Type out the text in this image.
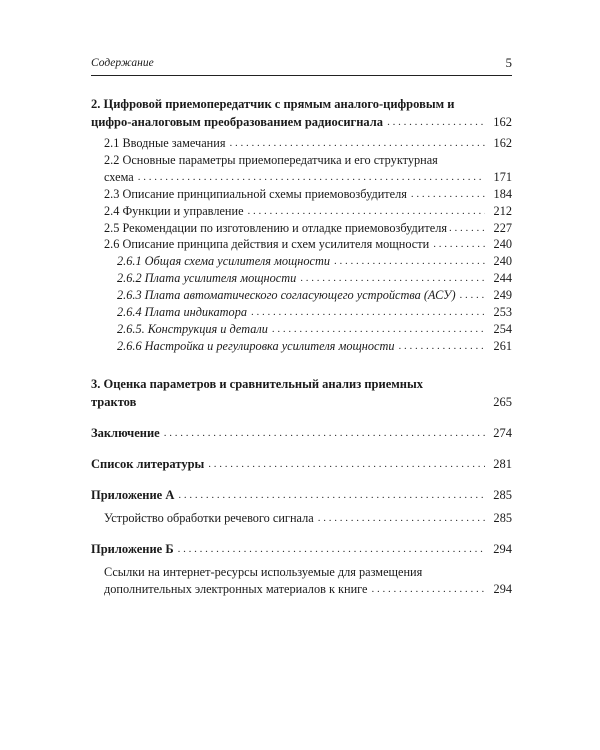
Содержание	5
2. Цифровой приемопередатчик с прямым аналого-цифровым и
цифро-аналоговым преобразованием радиосигнала . . .	162
2.1 Вводные замечания . . .	162
2.2 Основные параметры приемопередатчика и его структурная
схема . . .	171
2.3 Описание принципиальной схемы приемовозбудителя . . .	184
2.4 Функции и управление . . .	212
2.5 Рекомендации по изготовлению и отладке приемовозбудителя . . .	227
2.6 Описание принципа действия и схем усилителя мощности . . .	240
2.6.1 Общая схема усилителя мощности . . .	240
2.6.2 Плата усилителя мощности . . .	244
2.6.3 Плата автоматического согласующего устройства (АСУ) . . .	249
2.6.4 Плата индикатора . . .	253
2.6.5. Конструкция и детали . . .	254
2.6.6 Настройка и регулировка усилителя мощности . . .	261
3. Оценка параметров и сравнительный анализ приемных
трактов	265
Заключение . . .	274
Список литературы . . .	281
Приложение А . . .	285
Устройство обработки речевого сигнала . . .	285
Приложение Б . . .	294
Ссылки на интернет-ресурсы используемые для размещения
дополнительных электронных материалов к книге . . .	294
